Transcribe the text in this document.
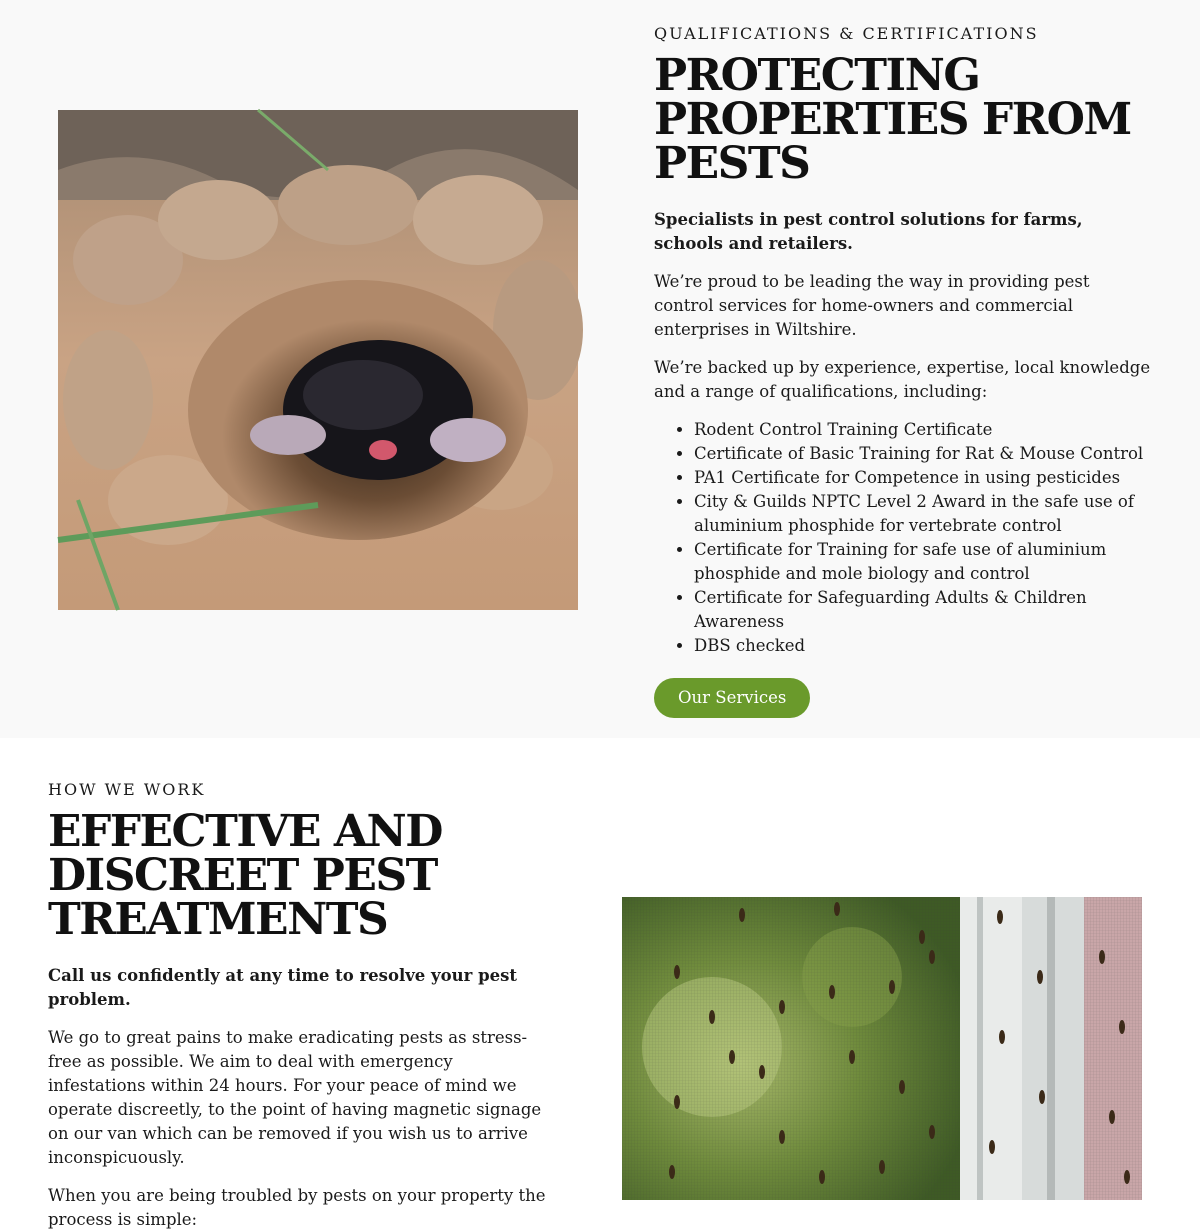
QUALIFICATIONS & CERTIFICATIONS
PROTECTING PROPERTIES FROM PESTS

Specialists in pest control solutions for farms, schools and retailers.

We’re proud to be leading the way in providing pest control services for home-owners and commercial enterprises in Wiltshire.

We’re backed up by experience, expertise, local knowledge and a range of qualifications, including:

• Rodent Control Training Certificate
• Certificate of Basic Training for Rat & Mouse Control
• PA1 Certificate for Competence in using pesticides
• City & Guilds NPTC Level 2 Award in the safe use of aluminium phosphide for vertebrate control
• Certificate for Training for safe use of aluminium phosphide and mole biology and control
• Certificate for Safeguarding Adults & Children Awareness
• DBS checked
Our Services
HOW WE WORK
EFFECTIVE AND DISCREET PEST TREATMENTS

Call us confidently at any time to resolve your pest problem.

We go to great pains to make eradicating pests as stress-free as possible. We aim to deal with emergency infestations within 24 hours. For your peace of mind we operate discreetly, to the point of having magnetic signage on our van which can be removed if you wish us to arrive inconspicuously.

When you are being troubled by pests on your property the process is simple:
